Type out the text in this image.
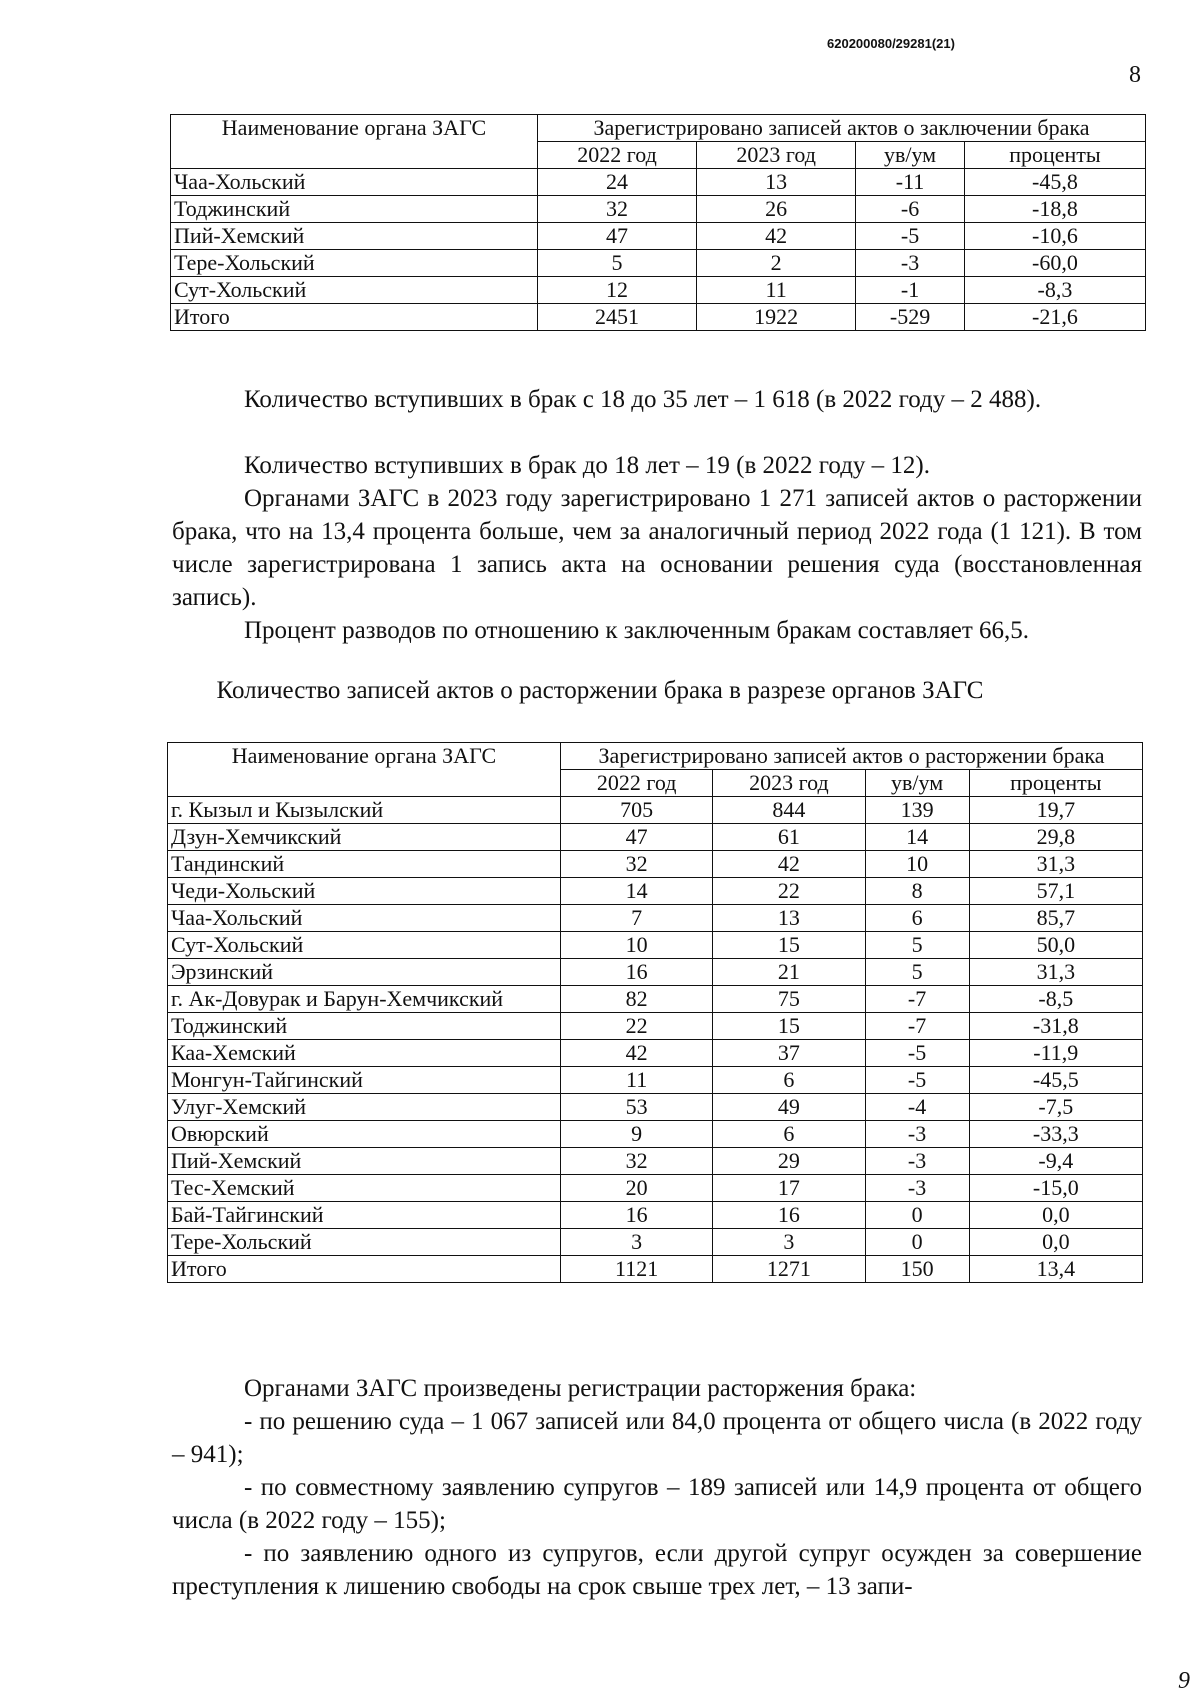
620200080/29281(21)
8
Наименование органа ЗАГС	Зарегистрировано записей актов о заключении брака			
	2022 год	2023 год	ув/ум	проценты
Чаа-Хольский	24	13	-11	-45,8
Тоджинский	32	26	-6	-18,8
Пий-Хемский	47	42	-5	-10,6
Тере-Хольский	5	2	-3	-60,0
Сут-Хольский	12	11	-1	-8,3
Итого	2451	1922	-529	-21,6
Количество вступивших в брак с 18 до 35 лет – 1 618 (в 2022 году – 2 488).
Количество вступивших в брак до 18 лет – 19 (в 2022 году – 12).
Органами ЗАГС в 2023 году зарегистрировано 1 271 записей актов о расторжении брака, что на 13,4 процента больше, чем за аналогичный период 2022 года (1 121). В том числе зарегистрирована 1 запись акта на основании решения суда (восстановленная запись).
Процент разводов по отношению к заключенным бракам составляет 66,5.
Количество записей актов о расторжении брака в разрезе органов ЗАГС
Наименование органа ЗАГС	Зарегистрировано записей актов о расторжении брака			
	2022 год	2023 год	ув/ум	проценты
г. Кызыл и Кызылский	705	844	139	19,7
Дзун-Хемчикский	47	61	14	29,8
Тандинский	32	42	10	31,3
Чеди-Хольский	14	22	8	57,1
Чаа-Хольский	7	13	6	85,7
Сут-Хольский	10	15	5	50,0
Эрзинский	16	21	5	31,3
г. Ак-Довурак и Барун-Хемчикский	82	75	-7	-8,5
Тоджинский	22	15	-7	-31,8
Каа-Хемский	42	37	-5	-11,9
Монгун-Тайгинский	11	6	-5	-45,5
Улуг-Хемский	53	49	-4	-7,5
Овюрский	9	6	-3	-33,3
Пий-Хемский	32	29	-3	-9,4
Тес-Хемский	20	17	-3	-15,0
Бай-Тайгинский	16	16	0	0,0
Тере-Хольский	3	3	0	0,0
Итого	1121	1271	150	13,4
Органами ЗАГС произведены регистрации расторжения брака:
- по решению суда – 1 067 записей или 84,0 процента от общего числа (в 2022 году – 941);
- по совместному заявлению супругов – 189 записей или 14,9 процента от общего числа (в 2022 году – 155);
- по заявлению одного из супругов, если другой супруг осужден за совершение преступления к лишению свободы на срок свыше трех лет, – 13 запи-
9
